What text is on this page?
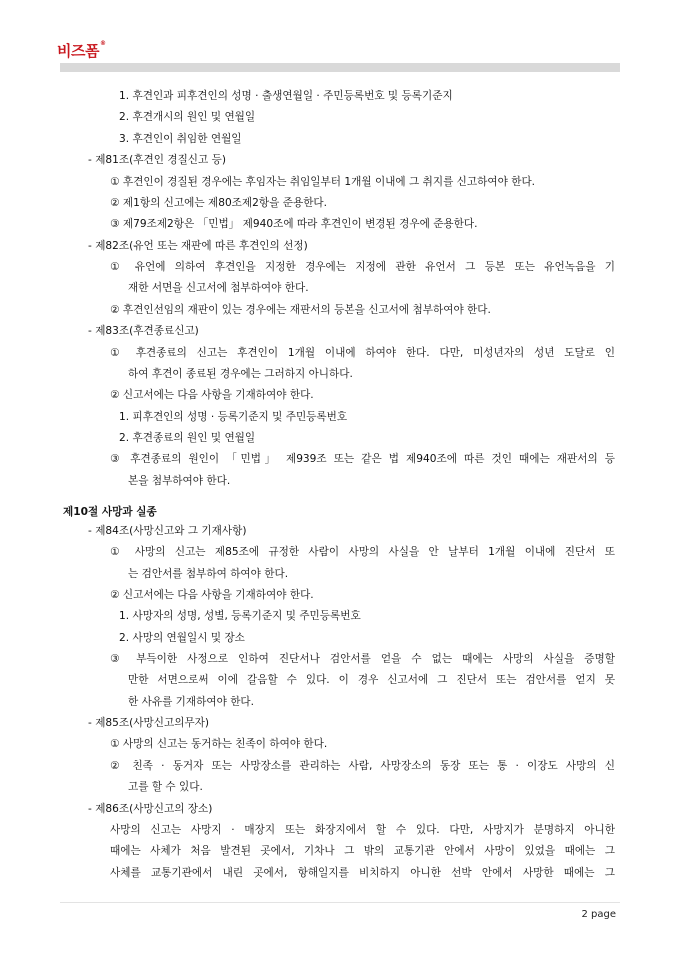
비즈폼®
1. 후견인과 피후견인의 성명 · 출생연월일 · 주민등록번호 및 등록기준지
2. 후견개시의 원인 및 연월일
3. 후견인이 취임한 연월일
- 제81조(후견인 경질신고 등)
① 후견인이 경질된 경우에는 후임자는 취임일부터 1개월 이내에 그 취지를 신고하여야 한다.
② 제1항의 신고에는 제80조제2항을 준용한다.
③ 제79조제2항은 「민법」 제940조에 따라 후견인이 변경된 경우에 준용한다.
- 제82조(유언 또는 재판에 따른 후견인의 선정)
① 유언에 의하여 후견인을 지정한 경우에는 지정에 관한 유언서 그 등본 또는 유언녹음을 기
재한 서면을 신고서에 첨부하여야 한다.
② 후견인선임의 재판이 있는 경우에는 재판서의 등본을 신고서에 첨부하여야 한다.
- 제83조(후견종료신고)
① 후견종료의 신고는 후견인이 1개월 이내에 하여야 한다. 다만, 미성년자의 성년 도달로 인
하여 후견이 종료된 경우에는 그러하지 아니하다.
② 신고서에는 다음 사항을 기재하여야 한다.
1. 피후견인의 성명 · 등록기준지 및 주민등록번호
2. 후견종료의 원인 및 연월일
③ 후견종료의 원인이 「민법」 제939조 또는 같은 법 제940조에 따른 것인 때에는 재판서의 등
본을 첨부하여야 한다.
제10절 사망과 실종
- 제84조(사망신고와 그 기재사항)
① 사망의 신고는 제85조에 규정한 사람이 사망의 사실을 안 날부터 1개월 이내에 진단서 또
는 검안서를 첨부하여 하여야 한다.
② 신고서에는 다음 사항을 기재하여야 한다.
1. 사망자의 성명, 성별, 등록기준지 및 주민등록번호
2. 사망의 연월일시 및 장소
③ 부득이한 사정으로 인하여 진단서나 검안서를 얻을 수 없는 때에는 사망의 사실을 증명할
만한 서면으로써 이에 갈음할 수 있다. 이 경우 신고서에 그 진단서 또는 검안서를 얻지 못
한 사유를 기재하여야 한다.
- 제85조(사망신고의무자)
① 사망의 신고는 동거하는 친족이 하여야 한다.
② 친족 · 동거자 또는 사망장소를 관리하는 사람, 사망장소의 동장 또는 통 · 이장도 사망의 신
고를 할 수 있다.
- 제86조(사망신고의 장소)
사망의 신고는 사망지 · 매장지 또는 화장지에서 할 수 있다. 다만, 사망지가 분명하지 아니한
때에는 사체가 처음 발견된 곳에서, 기차나 그 밖의 교통기관 안에서 사망이 있었을 때에는 그
사체를 교통기관에서 내린 곳에서, 항해일지를 비치하지 아니한 선박 안에서 사망한 때에는 그
2 page
